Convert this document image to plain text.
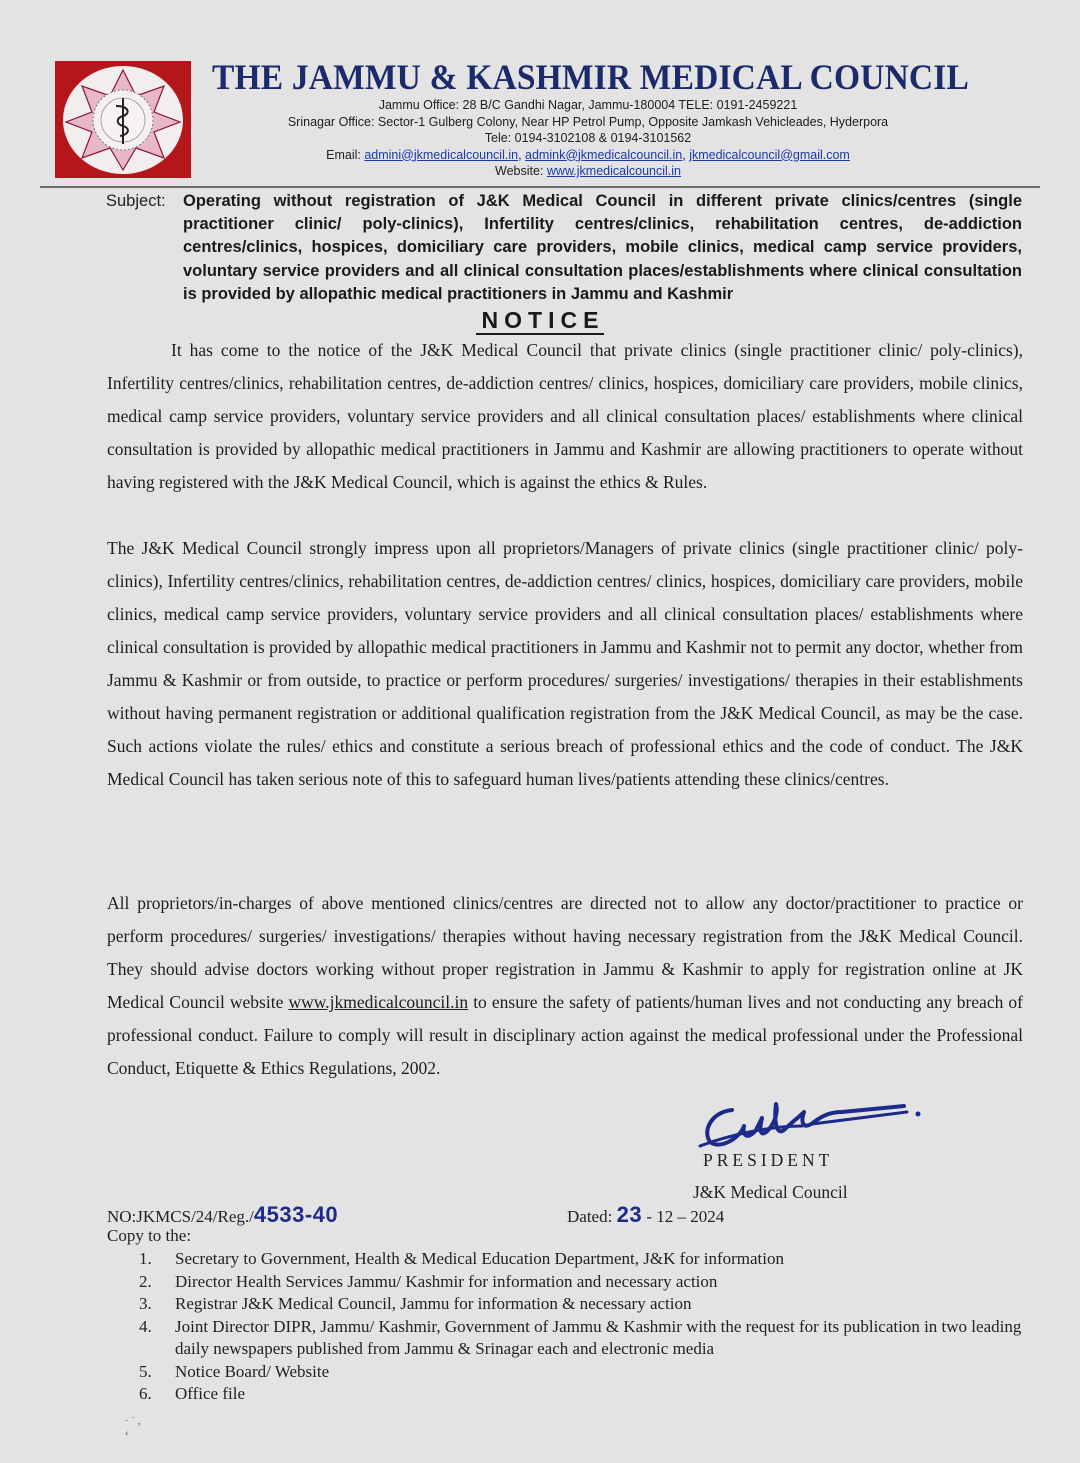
THE JAMMU & KASHMIR MEDICAL COUNCIL
Jammu Office: 28 B/C Gandhi Nagar, Jammu-180004 TELE: 0191-2459221
Srinagar Office: Sector-1 Gulberg Colony, Near HP Petrol Pump, Opposite Jamkash Vehicleades, Hyderpora
Tele: 0194-3102108 & 0194-3101562
Email: admini@jkmedicalcouncil.in, admink@jkmedicalcouncil.in, jkmedicalcouncil@gmail.com
Website: www.jkmedicalcouncil.in
Subject: Operating without registration of J&K Medical Council in different private clinics/centres (single practitioner clinic/ poly-clinics), Infertility centres/clinics, rehabilitation centres, de-addiction centres/clinics, hospices, domiciliary care providers, mobile clinics, medical camp service providers, voluntary service providers and all clinical consultation places/establishments where clinical consultation is provided by allopathic medical practitioners in Jammu and Kashmir
NOTICE

It has come to the notice of the J&K Medical Council that private clinics (single practitioner clinic/ poly-clinics), Infertility centres/clinics, rehabilitation centres, de-addiction centres/ clinics, hospices, domiciliary care providers, mobile clinics, medical camp service providers, voluntary service providers and all clinical consultation places/ establishments where clinical consultation is provided by allopathic medical practitioners in Jammu and Kashmir are allowing practitioners to operate without having registered with the J&K Medical Council, which is against the ethics & Rules.

The J&K Medical Council strongly impress upon all proprietors/Managers of private clinics (single practitioner clinic/ poly-clinics), Infertility centres/clinics, rehabilitation centres, de-addiction centres/ clinics, hospices, domiciliary care providers, mobile clinics, medical camp service providers, voluntary service providers and all clinical consultation places/ establishments where clinical consultation is provided by allopathic medical practitioners in Jammu and Kashmir not to permit any doctor, whether from Jammu & Kashmir or from outside, to practice or perform procedures/ surgeries/ investigations/ therapies in their establishments without having permanent registration or additional qualification registration from the J&K Medical Council, as may be the case. Such actions violate the rules/ ethics and constitute a serious breach of professional ethics and the code of conduct. The J&K Medical Council has taken serious note of this to safeguard human lives/patients attending these clinics/centres.

All proprietors/in-charges of above mentioned clinics/centres are directed not to allow any doctor/practitioner to practice or perform procedures/ surgeries/ investigations/ therapies without having necessary registration from the J&K Medical Council. They should advise doctors working without proper registration in Jammu & Kashmir to apply for registration online at JK Medical Council website www.jkmedicalcouncil.in to ensure the safety of patients/human lives and not conducting any breach of professional conduct. Failure to comply will result in disciplinary action against the medical professional under the Professional Conduct, Etiquette & Ethics Regulations, 2002.

PRESIDENT
J&K Medical Council
NO:JKMCS/24/Reg./4533-40	Dated: 23 - 12 – 2024
Copy to the:
1. Secretary to Government, Health & Medical Education Department, J&K for information
2. Director Health Services Jammu/ Kashmir for information and necessary action
3. Registrar J&K Medical Council, Jammu for information & necessary action
4. Joint Director DIPR, Jammu/ Kashmir, Government of Jammu & Kashmir with the request for its publication in two leading daily newspapers published from Jammu & Srinagar each and electronic media
5. Notice Board/ Website
6. Office file
· ˙ ,
‹
